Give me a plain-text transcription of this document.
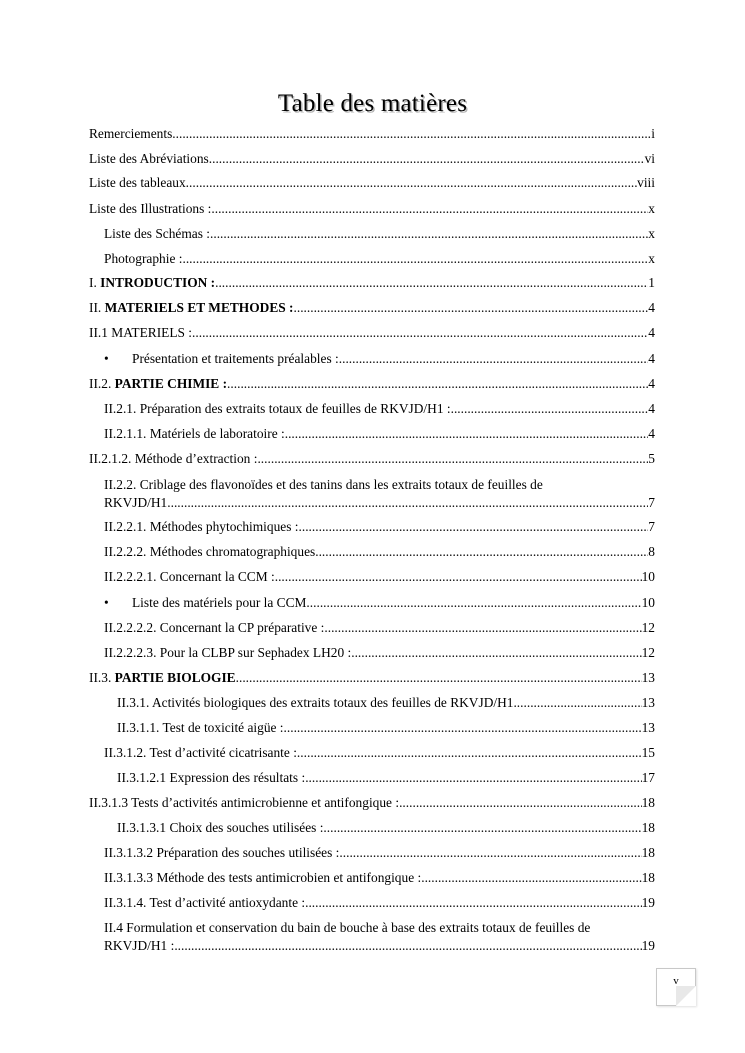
Table des matières
Remerciements. .....	i
Liste des Abréviations. .....	vi
Liste des tableaux. .....	viii
Liste des Illustrations : .....	x
Liste des Schémas : .....	x
Photographie : .....	x
I. INTRODUCTION : .....	1
II. MATERIELS ET METHODES : .....	4
II.1 MATERIELS : .....	4
• Présentation et traitements préalables : .....	4
II.2. PARTIE CHIMIE : .....	4
II.2.1. Préparation des extraits totaux de feuilles de RKVJD/H1 : .....	4
II.2.1.1. Matériels de laboratoire : .....	4
II.2.1.2. Méthode d’extraction : .....	5
II.2.2. Criblage des flavonoïdes et des tanins dans les extraits totaux de feuilles de
RKVJD/H1 .....	7
II.2.2.1. Méthodes phytochimiques : .....	7
II.2.2.2. Méthodes chromatographiques .....	8
II.2.2.2.1. Concernant la CCM : .....	10
• Liste des matériels pour la CCM .....	10
II.2.2.2.2. Concernant la CP préparative : .....	12
II.2.2.2.3. Pour la CLBP sur Sephadex LH20 : .....	12
II.3. PARTIE BIOLOGIE .....	13
II.3.1. Activités biologiques des extraits totaux des feuilles de RKVJD/H1 .....	13
II.3.1.1. Test de toxicité aigüe : .....	13
II.3.1.2. Test d’activité cicatrisante : .....	15
II.3.1.2.1 Expression des résultats : .....	17
II.3.1.3 Tests d’activités antimicrobienne et antifongique : .....	18
II.3.1.3.1 Choix des souches utilisées : .....	18
II.3.1.3.2 Préparation des souches utilisées : .....	18
II.3.1.3.3 Méthode des tests antimicrobien et antifongique : .....	18
II.3.1.4. Test d’activité antioxydante : .....	19
II.4 Formulation et conservation du bain de bouche à base des extraits totaux de feuilles de
RKVJD/H1 : .....	19
v
